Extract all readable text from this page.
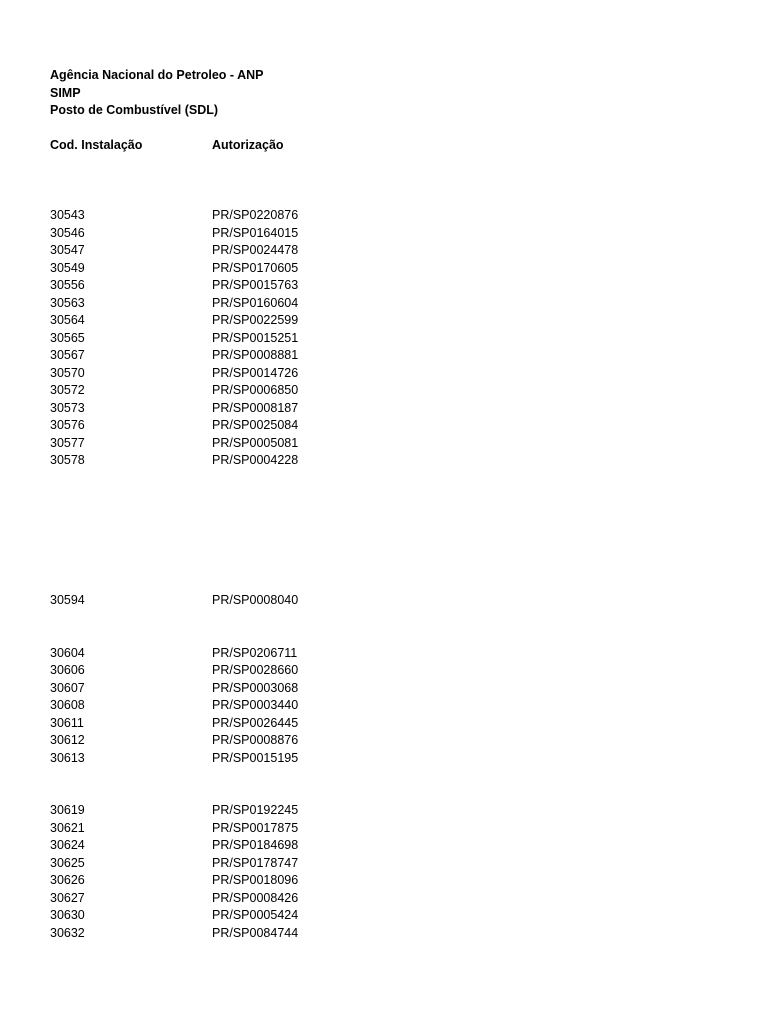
Agência Nacional do Petroleo - ANP
SIMP
Posto de Combustível (SDL)
Cod. Instalação	Autorização
30543	PR/SP0220876
30546	PR/SP0164015
30547	PR/SP0024478
30549	PR/SP0170605
30556	PR/SP0015763
30563	PR/SP0160604
30564	PR/SP0022599
30565	PR/SP0015251
30567	PR/SP0008881
30570	PR/SP0014726
30572	PR/SP0006850
30573	PR/SP0008187
30576	PR/SP0025084
30577	PR/SP0005081
30578	PR/SP0004228
30594	PR/SP0008040
30604	PR/SP0206711
30606	PR/SP0028660
30607	PR/SP0003068
30608	PR/SP0003440
30611	PR/SP0026445
30612	PR/SP0008876
30613	PR/SP0015195
30619	PR/SP0192245
30621	PR/SP0017875
30624	PR/SP0184698
30625	PR/SP0178747
30626	PR/SP0018096
30627	PR/SP0008426
30630	PR/SP0005424
30632	PR/SP0084744
